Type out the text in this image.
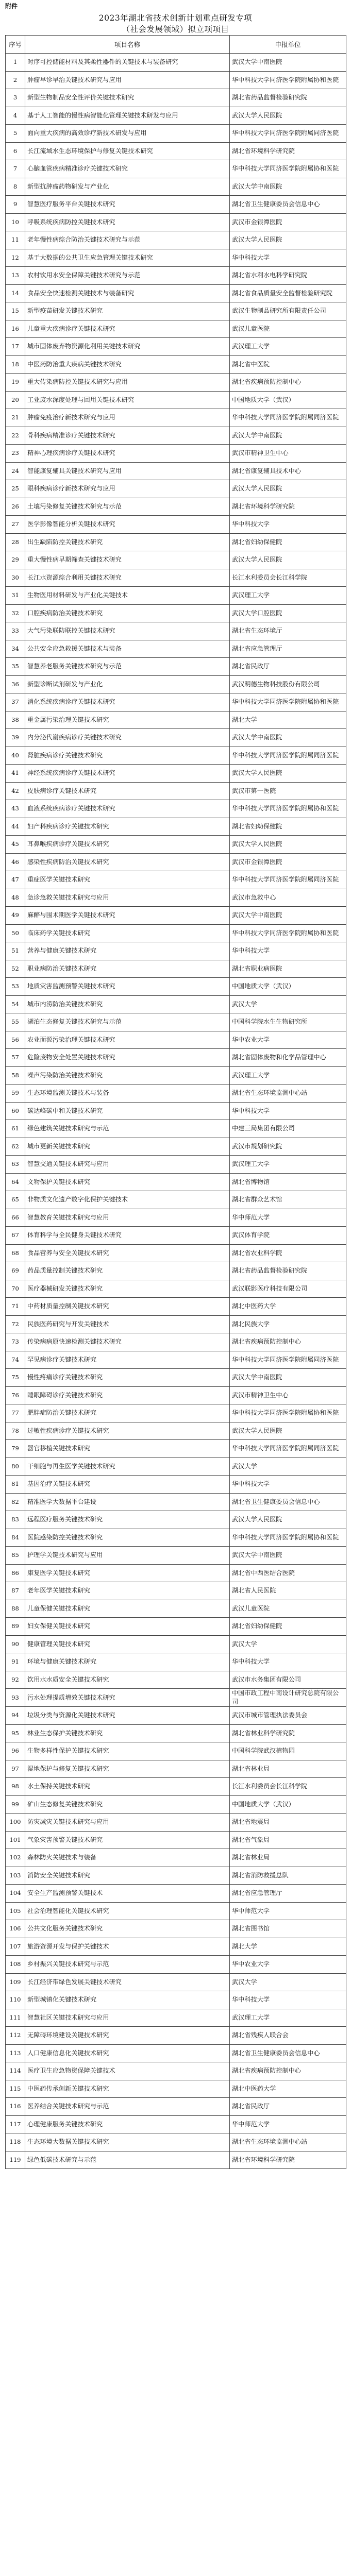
附件
2023年湖北省技术创新计划重点研发专项
（社会发展领域）拟立项项目
序号	项目名称	申报单位
1	时序可控储能材料及其柔性器件的关键技术与装备研究	武汉大学中南医院
2	肿瘤早诊早治关键技术研究与应用	华中科技大学同济医学院附属协和医院
3	新型生物制品安全性评价关键技术研究	湖北省药品监督检验研究院
4	基于人工智能的慢性病智能化管理关键技术研发与应用	武汉大学人民医院
5	面向重大疾病的高效诊疗新技术研发与应用	华中科技大学同济医学院附属同济医院
6	长江流域水生态环境保护与修复关键技术研究	湖北省环境科学研究院
7	心脑血管疾病精准诊疗关键技术研究	华中科技大学同济医学院附属协和医院
8	新型抗肿瘤药物研发与产业化	武汉大学中南医院
9	智慧医疗服务平台关键技术研究	湖北省卫生健康委员会信息中心
10	呼吸系统疾病防控关键技术研究	武汉市金银潭医院
11	老年慢性病综合防治关键技术研究与示范	武汉大学人民医院
12	基于大数据的公共卫生应急管理关键技术研究	华中科技大学
13	农村饮用水安全保障关键技术研究与示范	湖北省水利水电科学研究院
14	食品安全快速检测关键技术与装备研究	湖北省食品质量安全监督检验研究院
15	新型疫苗研发关键技术研究	武汉生物制品研究所有限责任公司
16	儿童重大疾病诊疗关键技术研究	武汉儿童医院
17	城市固体废弃物资源化利用关键技术研究	武汉理工大学
18	中医药防治重大疾病关键技术研究	湖北省中医院
19	重大传染病防控关键技术研究与应用	湖北省疾病预防控制中心
20	工业废水深度处理与回用关键技术研究	中国地质大学（武汉）
21	肿瘤免疫治疗新技术研究与应用	华中科技大学同济医学院附属同济医院
22	骨科疾病精准诊疗关键技术研究	武汉大学中南医院
23	精神心理疾病诊疗关键技术研究	武汉市精神卫生中心
24	智能康复辅具关键技术研究与应用	湖北省康复辅具技术中心
25	眼科疾病诊疗新技术研究与应用	武汉大学人民医院
26	土壤污染修复关键技术研究与示范	湖北省环境科学研究院
27	医学影像智能分析关键技术研究	华中科技大学
28	出生缺陷防控关键技术研究	湖北省妇幼保健院
29	重大慢性病早期筛查关键技术研究	武汉大学人民医院
30	长江水资源综合利用关键技术研究	长江水利委员会长江科学院
31	生物医用材料研发与产业化关键技术	武汉理工大学
32	口腔疾病防治关键技术研究	武汉大学口腔医院
33	大气污染联防联控关键技术研究	湖北省生态环境厅
34	公共安全应急救援关键技术与装备	湖北省应急管理厅
35	智慧养老服务关键技术研究与示范	湖北省民政厅
36	新型诊断试剂研发与产业化	武汉明德生物科技股份有限公司
37	消化系统疾病诊疗关键技术研究	华中科技大学同济医学院附属协和医院
38	重金属污染治理关键技术研究	湖北大学
39	内分泌代谢疾病诊疗关键技术研究	武汉大学中南医院
40	肾脏疾病诊疗关键技术研究	华中科技大学同济医学院附属同济医院
41	神经系统疾病诊疗关键技术研究	武汉大学人民医院
42	皮肤病诊疗关键技术研究	武汉市第一医院
43	血液系统疾病诊疗关键技术研究	华中科技大学同济医学院附属协和医院
44	妇产科疾病诊疗关键技术研究	湖北省妇幼保健院
45	耳鼻喉疾病诊疗关键技术研究	武汉大学人民医院
46	感染性疾病防治关键技术研究	武汉市金银潭医院
47	重症医学关键技术研究	华中科技大学同济医学院附属同济医院
48	急诊急救关键技术研究与应用	武汉市急救中心
49	麻醉与围术期医学关键技术研究	武汉大学中南医院
50	临床药学关键技术研究	华中科技大学同济医学院附属协和医院
51	营养与健康关键技术研究	华中科技大学
52	职业病防治关键技术研究	湖北省职业病医院
53	地质灾害监测预警关键技术研究	中国地质大学（武汉）
54	城市内涝防治关键技术研究	武汉大学
55	湖泊生态修复关键技术研究与示范	中国科学院水生生物研究所
56	农业面源污染治理关键技术研究	华中农业大学
57	危险废物安全处置关键技术研究	湖北省固体废物和化学品管理中心
58	噪声污染防治关键技术研究	武汉理工大学
59	生态环境监测关键技术与装备	湖北省生态环境监测中心站
60	碳达峰碳中和关键技术研究	华中科技大学
61	绿色建筑关键技术研究与示范	中建三局集团有限公司
62	城市更新关键技术研究	武汉市规划研究院
63	智慧交通关键技术研究与应用	武汉理工大学
64	文物保护关键技术研究	湖北省博物馆
65	非物质文化遗产数字化保护关键技术	湖北省群众艺术馆
66	智慧教育关键技术研究与应用	华中师范大学
67	体育科学与全民健身关键技术研究	武汉体育学院
68	食品营养与安全关键技术研究	湖北省农业科学院
69	药品质量控制关键技术研究	湖北省药品监督检验研究院
70	医疗器械研发关键技术研究	武汉联影医疗科技有限公司
71	中药材质量控制关键技术研究	湖北中医药大学
72	民族医药研究与开发关键技术	湖北民族大学
73	传染病病原快速检测关键技术研究	湖北省疾病预防控制中心
74	罕见病诊疗关键技术研究	华中科技大学同济医学院附属同济医院
75	慢性疼痛诊疗关键技术研究	武汉大学中南医院
76	睡眠障碍诊疗关键技术研究	武汉市精神卫生中心
77	肥胖症防治关键技术研究	华中科技大学同济医学院附属协和医院
78	过敏性疾病诊疗关键技术研究	武汉大学人民医院
79	器官移植关键技术研究	华中科技大学同济医学院附属同济医院
80	干细胞与再生医学关键技术研究	武汉大学
81	基因治疗关键技术研究	华中科技大学
82	精准医学大数据平台建设	湖北省卫生健康委员会信息中心
83	远程医疗服务关键技术研究	武汉大学人民医院
84	医院感染防控关键技术研究	华中科技大学同济医学院附属协和医院
85	护理学关键技术研究与应用	武汉大学中南医院
86	康复医学关键技术研究	湖北省中西医结合医院
87	老年医学关键技术研究	湖北省人民医院
88	儿童保健关键技术研究	武汉儿童医院
89	妇女保健关键技术研究	湖北省妇幼保健院
90	健康管理关键技术研究	武汉大学
91	环境与健康关键技术研究	华中科技大学
92	饮用水水质安全关键技术研究	武汉市水务集团有限公司
93	污水处理提质增效关键技术研究	中国市政工程中南设计研究总院有限公司
94	垃圾分类与资源化关键技术研究	武汉市城市管理执法委员会
95	林业生态保护关键技术研究	湖北省林业科学研究院
96	生物多样性保护关键技术研究	中国科学院武汉植物园
97	湿地保护与修复关键技术研究	湖北省林业局
98	水土保持关键技术研究	长江水利委员会长江科学院
99	矿山生态修复关键技术研究	中国地质大学（武汉）
100	防灾减灾关键技术研究与应用	湖北省地震局
101	气象灾害预警关键技术研究	湖北省气象局
102	森林防火关键技术与装备	湖北省林业局
103	消防安全关键技术研究	湖北省消防救援总队
104	安全生产监测预警关键技术	湖北省应急管理厅
105	社会治理智能化关键技术研究	华中师范大学
106	公共文化服务关键技术研究	湖北省图书馆
107	旅游资源开发与保护关键技术	湖北大学
108	乡村振兴关键技术研究与示范	华中农业大学
109	长江经济带绿色发展关键技术研究	武汉大学
110	新型城镇化关键技术研究	华中科技大学
111	智慧社区关键技术研究与应用	武汉理工大学
112	无障碍环境建设关键技术研究	湖北省残疾人联合会
113	人口健康信息化关键技术研究	湖北省卫生健康委员会信息中心
114	医疗卫生应急物资保障关键技术	湖北省疾病预防控制中心
115	中医药传承创新关键技术研究	湖北中医药大学
116	医养结合关键技术研究与示范	湖北省民政厅
117	心理健康服务关键技术研究	华中师范大学
118	生态环境大数据关键技术研究	湖北省生态环境监测中心站
119	绿色低碳技术研究与示范	湖北省环境科学研究院
